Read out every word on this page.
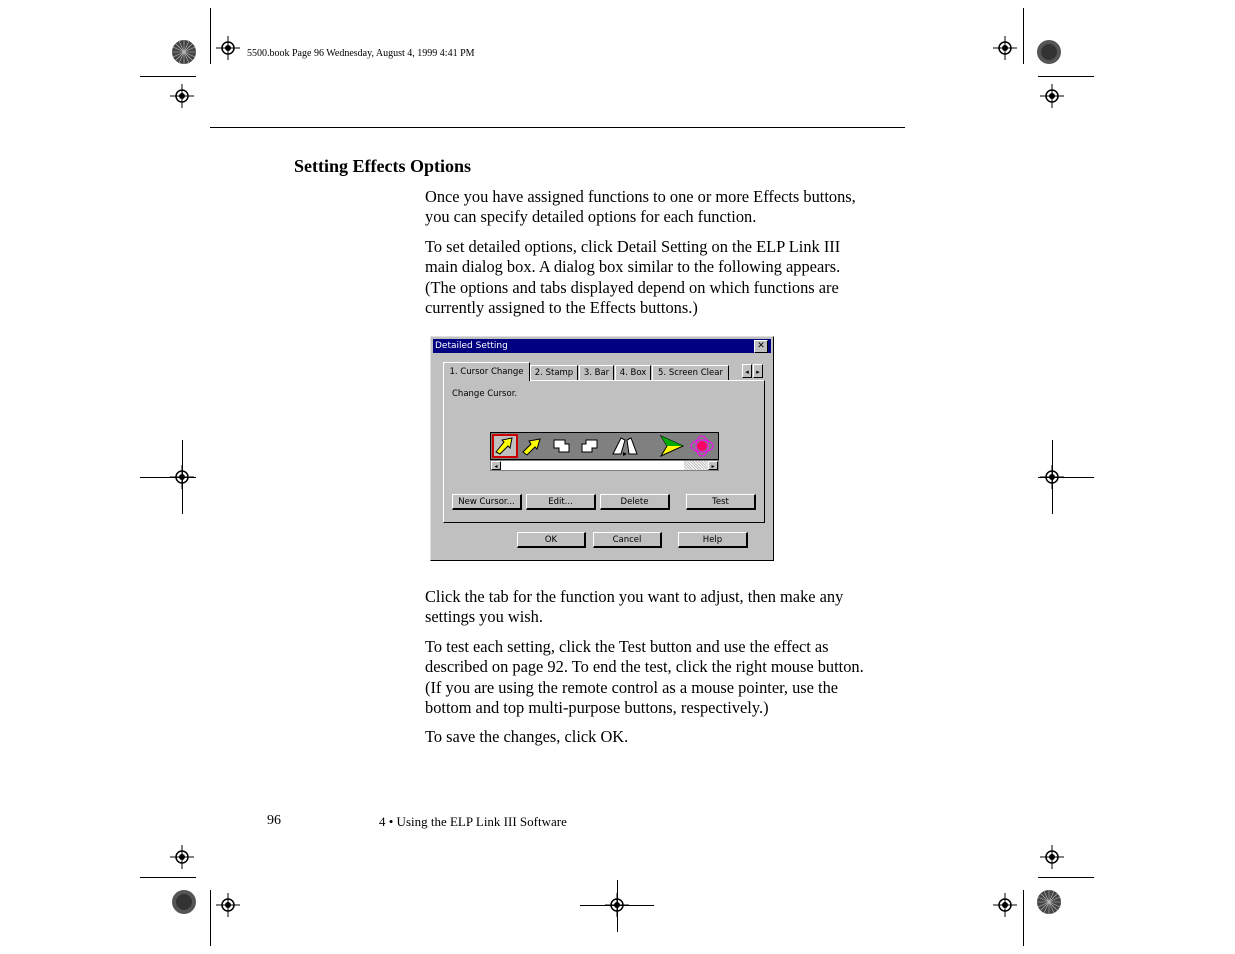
5500.book Page 96 Wednesday, August 4, 1999 4:41 PM
Setting Effects Options
Once you have assigned functions to one or more Effects buttons,
you can specify detailed options for each function.
To set detailed options, click Detail Setting on the ELP Link III
main dialog box. A dialog box similar to the following appears.
(The options and tabs displayed depend on which functions are
currently assigned to the Effects buttons.)
Detailed Setting	✕
1. Cursor Change	2. Stamp	3. Bar	4. Box	5. Screen Clear	◂	▸
Change Cursor.
◂	▸
New Cursor...	Edit...	Delete	Test
OK	Cancel	Help
Click the tab for the function you want to adjust, then make any
settings you wish.
To test each setting, click the Test button and use the effect as
described on page 92. To end the test, click the right mouse button.
(If you are using the remote control as a mouse pointer, use the
bottom and top multi-purpose buttons, respectively.)
To save the changes, click OK.
96	4 • Using the ELP Link III Software
